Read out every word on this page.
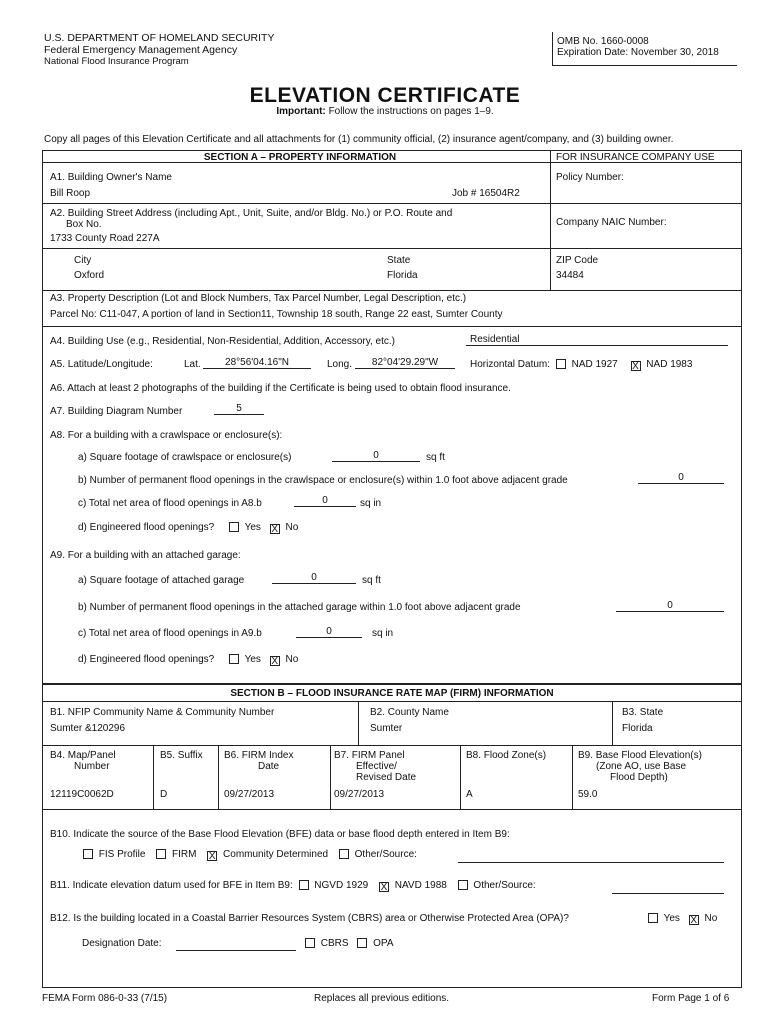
U.S. DEPARTMENT OF HOMELAND SECURITY
Federal Emergency Management Agency
National Flood Insurance Program
OMB No. 1660-0008
Expiration Date: November 30, 2018
ELEVATION CERTIFICATE
Important: Follow the instructions on pages 1–9.
Copy all pages of this Elevation Certificate and all attachments for (1) community official, (2) insurance agent/company, and (3) building owner.
SECTION A – PROPERTY INFORMATION	FOR INSURANCE COMPANY USE
A1. Building Owner's Name
Bill Roop	Job # 16504R2
Policy Number:
A2. Building Street Address (including Apt., Unit, Suite, and/or Bldg. No.) or P.O. Route and
Box No.
1733 County Road 227A
Company NAIC Number:
City
Oxford
State
Florida
ZIP Code
34484
A3. Property Description (Lot and Block Numbers, Tax Parcel Number, Legal Description, etc.)
Parcel No: C11-047, A portion of land in Section11, Township 18 south, Range 22 east, Sumter County
A4. Building Use (e.g., Residential, Non-Residential, Addition, Accessory, etc.)	Residential
A5. Latitude/Longitude:	Lat.	28°56'04.16"N	Long.	82°04'29.29"W	Horizontal Datum: NAD 1927 X NAD 1983
A6. Attach at least 2 photographs of the building if the Certificate is being used to obtain flood insurance.
A7. Building Diagram Number	5
A8. For a building with a crawlspace or enclosure(s):
a) Square footage of crawlspace or enclosure(s)	0	sq ft
b) Number of permanent flood openings in the crawlspace or enclosure(s) within 1.0 foot above adjacent grade	0
c) Total net area of flood openings in A8.b	0	sq in
d) Engineered flood openings?	Yes X No
A9. For a building with an attached garage:
a) Square footage of attached garage	0	sq ft
b) Number of permanent flood openings in the attached garage within 1.0 foot above adjacent grade	0
c) Total net area of flood openings in A9.b	0	sq in
d) Engineered flood openings?	Yes X No
SECTION B – FLOOD INSURANCE RATE MAP (FIRM) INFORMATION
B1. NFIP Community Name & Community Number
Sumter &120296
B2. County Name
Sumter
B3. State
Florida
B4. Map/Panel
Number
12119C0062D
B5. Suffix
D
B6. FIRM Index
Date
09/27/2013
B7. FIRM Panel
Effective/
Revised Date
09/27/2013
B8. Flood Zone(s)
A
B9. Base Flood Elevation(s)
(Zone AO, use Base
Flood Depth)
59.0
B10. Indicate the source of the Base Flood Elevation (BFE) data or base flood depth entered in Item B9:
FIS Profile	FIRM X Community Determined	Other/Source:
B11. Indicate elevation datum used for BFE in Item B9: NGVD 1929 X NAVD 1988	Other/Source:
B12. Is the building located in a Coastal Barrier Resources System (CBRS) area or Otherwise Protected Area (OPA)?	Yes X No
Designation Date:	CBRS OPA
FEMA Form 086-0-33 (7/15)	Replaces all previous editions.	Form Page 1 of 6
